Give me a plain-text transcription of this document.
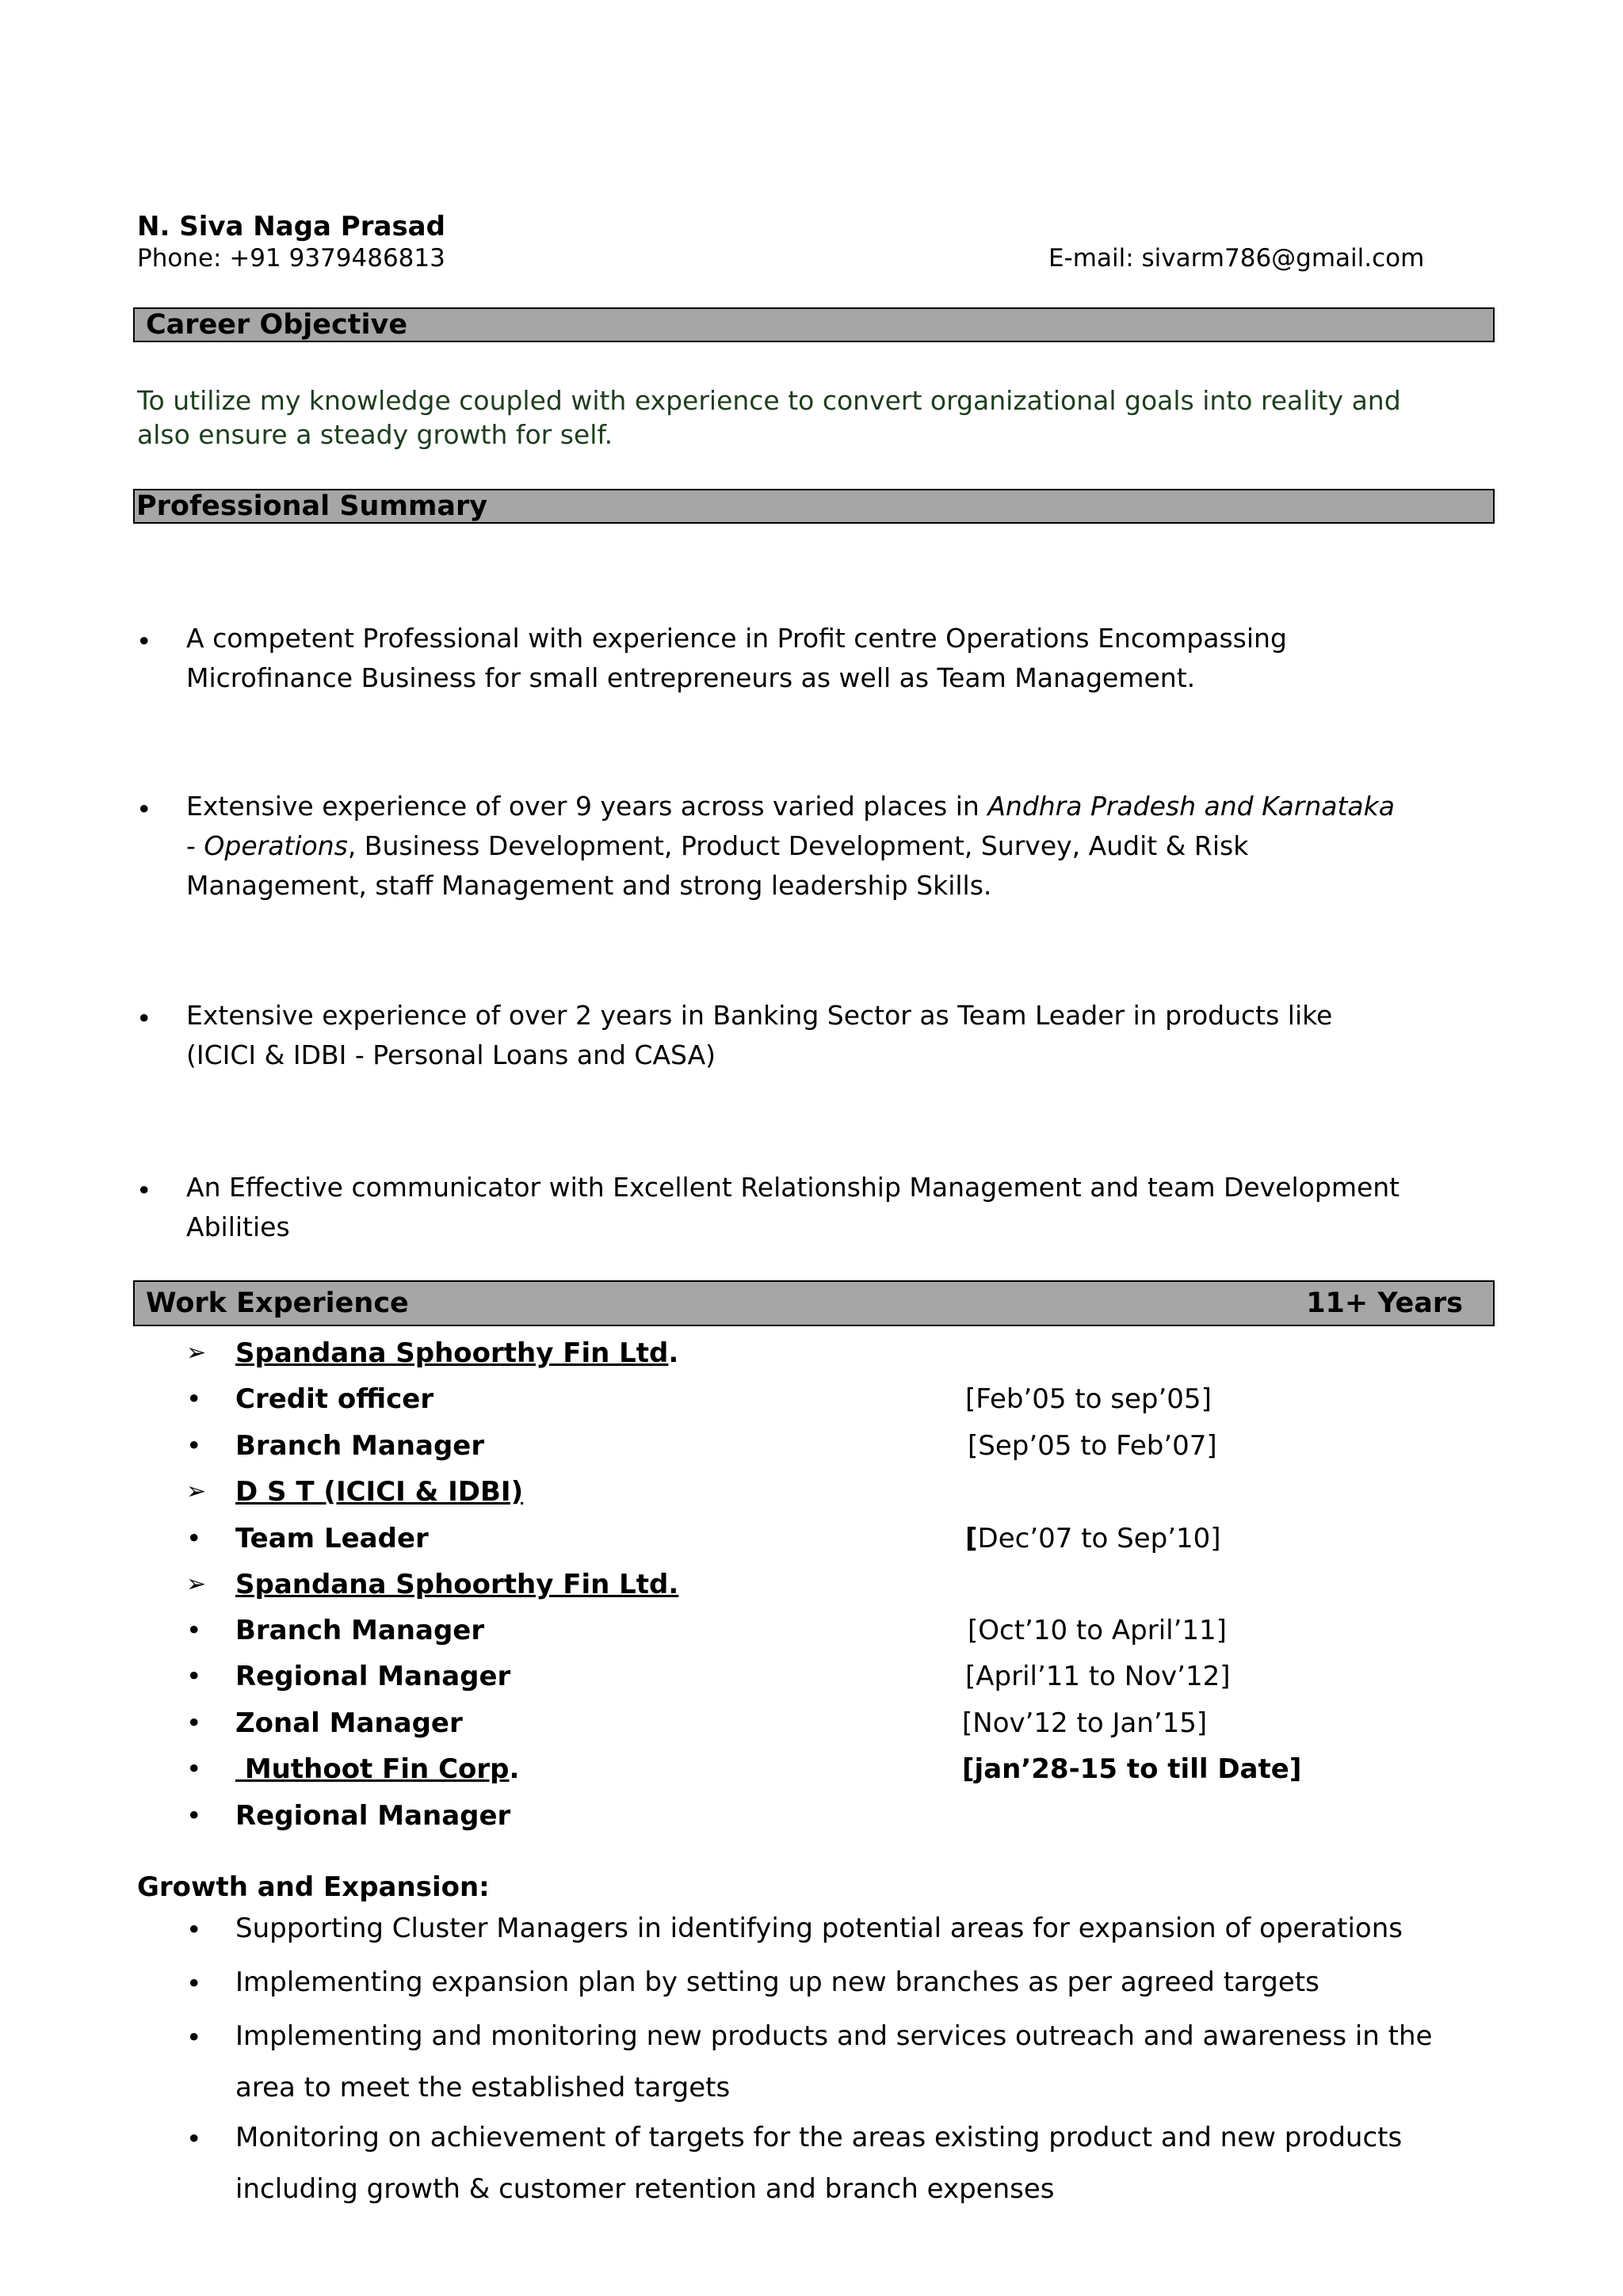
N. Siva Naga Prasad
Phone: +91 9379486813	E-mail: sivarm786@gmail.com
Career Objective
To utilize my knowledge coupled with experience to convert organizational goals into reality and
also ensure a steady growth for self.
Professional Summary
• A competent Professional with experience in Profit centre Operations Encompassing
Microfinance Business for small entrepreneurs as well as Team Management.
• Extensive experience of over 9 years across varied places in Andhra Pradesh and Karnataka
- Operations, Business Development, Product Development, Survey, Audit & Risk
Management, staff Management and strong leadership Skills.
• Extensive experience of over 2 years in Banking Sector as Team Leader in products like
(ICICI & IDBI - Personal Loans and CASA)
• An Effective communicator with Excellent Relationship Management and team Development
Abilities
Work Experience	11+ Years
➢ Spandana Sphoorthy Fin Ltd.
• Credit officer	[Feb’05 to sep’05]
• Branch Manager	[Sep’05 to Feb’07]
➢ D S T (ICICI & IDBI)
• Team Leader	[Dec’07 to Sep’10]
➢ Spandana Sphoorthy Fin Ltd.
• Branch Manager	[Oct’10 to April’11]
• Regional Manager	[April’11 to Nov’12]
• Zonal Manager	[Nov’12 to Jan’15]
• Muthoot Fin Corp.	[jan’28-15 to till Date]
• Regional Manager
Growth and Expansion:
• Supporting Cluster Managers in identifying potential areas for expansion of operations
• Implementing expansion plan by setting up new branches as per agreed targets
• Implementing and monitoring new products and services outreach and awareness in the
area to meet the established targets
• Monitoring on achievement of targets for the areas existing product and new products
including growth & customer retention and branch expenses
